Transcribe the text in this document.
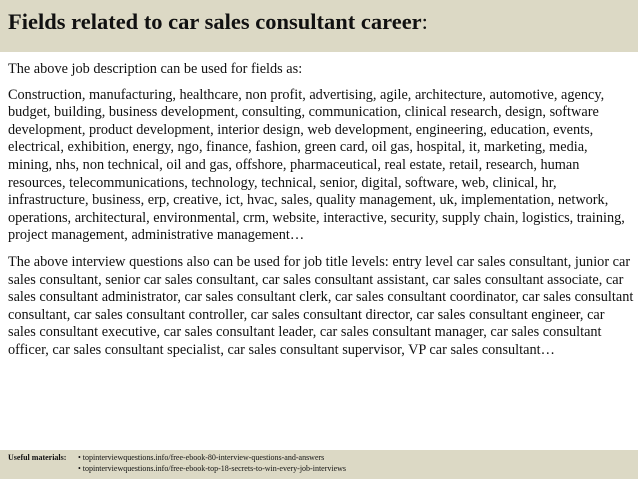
Fields related to car sales consultant career:

The above job description can be used for fields as:

Construction, manufacturing, healthcare, non profit, advertising, agile, architecture, automotive, agency, budget, building, business development, consulting, communication, clinical research, design, software development, product development, interior design, web development, engineering, education, events, electrical, exhibition, energy, ngo, finance, fashion, green card, oil gas, hospital, it, marketing, media, mining, nhs, non technical, oil and gas, offshore, pharmaceutical, real estate, retail, research, human resources, telecommunications, technology, technical, senior, digital, software, web, clinical, hr, infrastructure, business, erp, creative, ict, hvac, sales, quality management, uk, implementation, network, operations, architectural, environmental, crm, website, interactive, security, supply chain, logistics, training, project management, administrative management…

The above interview questions also can be used for job title levels: entry level car sales consultant, junior car sales consultant, senior car sales consultant, car sales consultant assistant, car sales consultant associate, car sales consultant administrator, car sales consultant clerk, car sales consultant coordinator, car sales consultant consultant, car sales consultant controller, car sales consultant director, car sales consultant engineer, car sales consultant executive, car sales consultant leader, car sales consultant manager, car sales consultant officer, car sales consultant specialist, car sales consultant supervisor, VP car sales consultant…

Useful materials: • topinterviewquestions.info/free-ebook-80-interview-questions-and-answers
• topinterviewquestions.info/free-ebook-top-18-secrets-to-win-every-job-interviews
